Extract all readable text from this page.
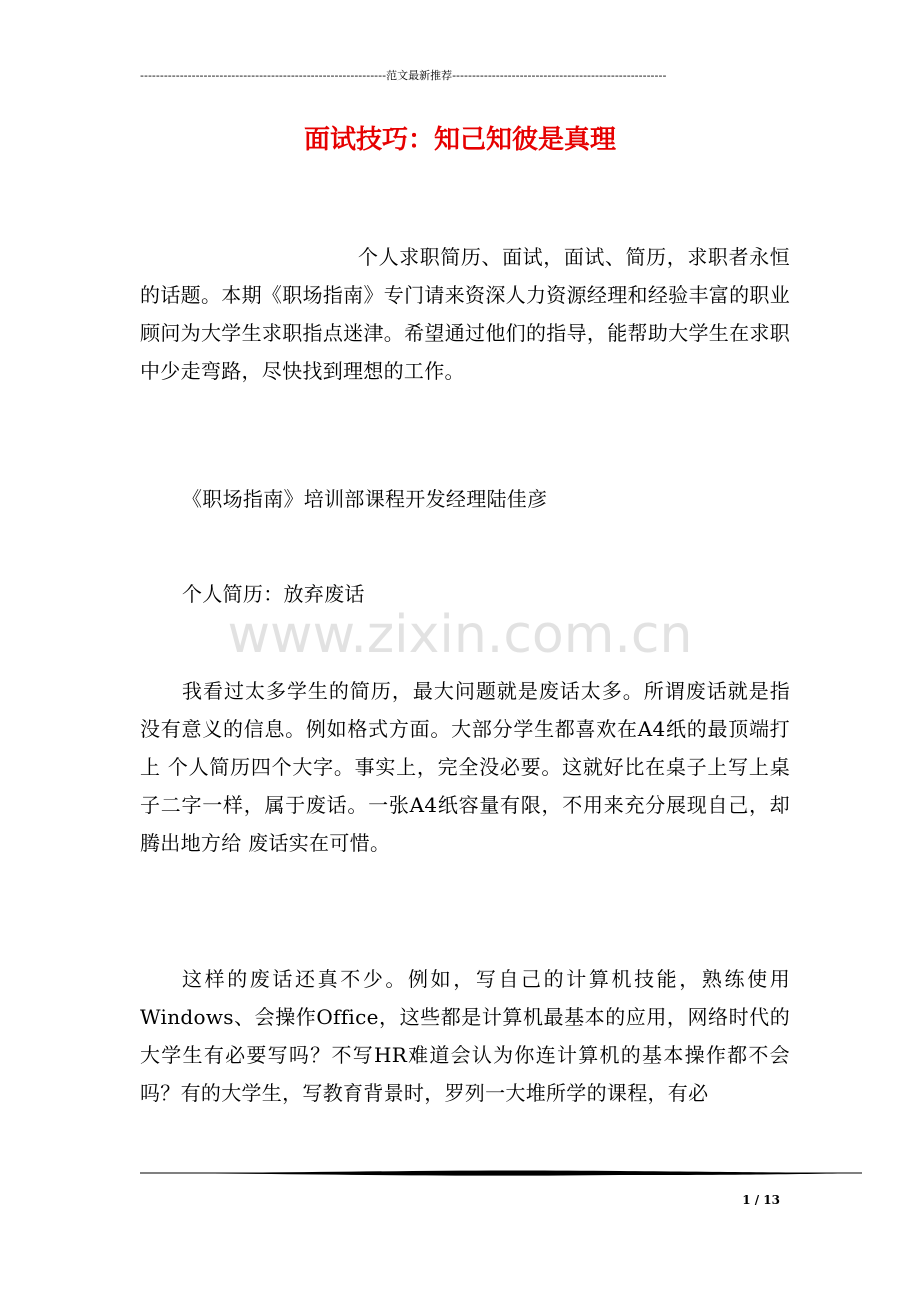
--------------------------------------------------------------范文最新推荐------------------------------------------------------
面试技巧：知己知彼是真理

个人求职简历、面试，面试、简历，求职者永恒的话题。本期《职场指南》专门请来资深人力资源经理和经验丰富的职业顾问为大学生求职指点迷津。希望通过他们的指导，能帮助大学生在求职中少走弯路，尽快找到理想的工作。

《职场指南》培训部课程开发经理陆佳彦

个人简历：放弃废话

我看过太多学生的简历，最大问题就是废话太多。所谓废话就是指没有意义的信息。例如格式方面。大部分学生都喜欢在A4纸的最顶端打上 个人简历四个大字。事实上，完全没必要。这就好比在桌子上写上桌子二字一样，属于废话。一张A4纸容量有限，不用来充分展现自己，却腾出地方给 废话实在可惜。

这样的废话还真不少。例如，写自己的计算机技能，熟练使用Windows、会操作Office，这些都是计算机最基本的应用，网络时代的大学生有必要写吗？不写HR难道会认为你连计算机的基本操作都不会吗？有的大学生，写教育背景时，罗列一大堆所学的课程，有必

www.zixin.com.cn
1 / 13
